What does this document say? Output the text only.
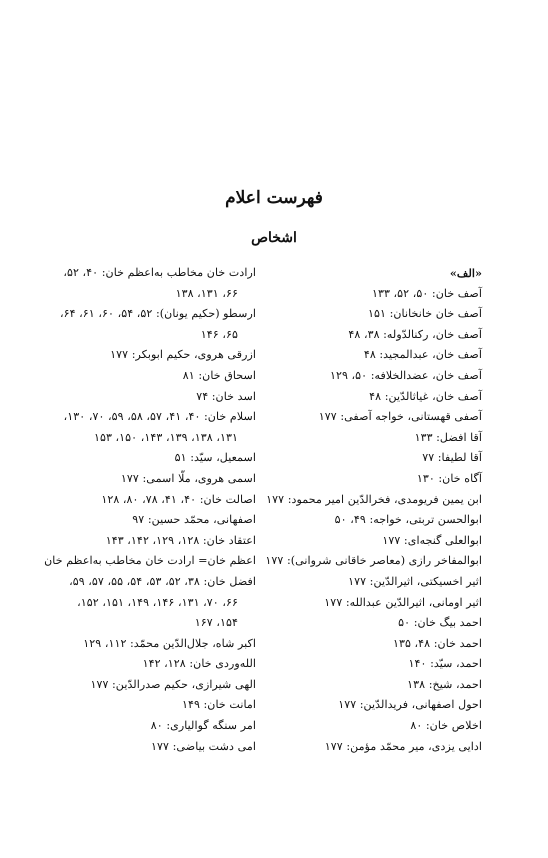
فهرست اعلام
اشخاص
«الف»
آصف خان: ۵۰، ۵۲، ۱۳۳
آصف خان خانخانان: ۱۵۱
آصف خان، رکنالدّوله: ۳۸، ۴۸
آصف خان، عبدالمجید: ۴۸
آصف خان، عضدالخلافه: ۵۰، ۱۲۹
آصف خان، غیاثالدّین: ۴۸
آصفی قهستانی، خواجه آصفی: ۱۷۷
آقا افضل: ۱۳۳
آقا لطیفا: ۷۷
آگاه خان: ۱۳۰
ابن یمین فریومدی، فخرالدّین امیر محمود: ۱۷۷
ابوالحسن تربتی، خواجه: ۴۹، ۵۰
ابوالعلی گنجه‌ای: ۱۷۷
ابوالمفاخر رازی (معاصر خاقانی شروانی): ۱۷۷
اثیر اخسیکتی، اثیرالدّین: ۱۷۷
اثیر اومانی، اثیرالدّین عبدالله: ۱۷۷
احمد بیگ خان: ۵۰
احمد خان: ۴۸، ۱۳۵
احمد، سیّد: ۱۴۰
احمد، شیخ: ۱۳۸
احول اصفهانی، فریدالدّین: ۱۷۷
اخلاص خان: ۸۰
ادایی یزدی، میر محمّد مؤمن: ۱۷۷
ارادت خان مخاطب به‌اعظم خان: ۴۰، ۵۲،
۶۶، ۱۳۱، ۱۳۸
ارسطو (حکیم یونان): ۵۲، ۵۴، ۶۰، ۶۱، ۶۴،
۶۵، ۱۴۶
ازرقی هروی، حکیم ابوبکر: ۱۷۷
اسحاق خان: ۸۱
اسد خان: ۷۴
اسلام خان: ۴۰، ۴۱، ۵۷، ۵۸، ۵۹، ۷۰، ۱۳۰،
۱۳۱، ۱۳۸، ۱۳۹، ۱۴۳، ۱۵۰، ۱۵۳
اسمعیل، سیّد: ۵۱
اسمی هروی، ملّا اسمی: ۱۷۷
اصالت خان: ۴۰، ۴۱، ۷۸، ۸۰، ۱۲۸
اصفهانی، محمّد حسین: ۹۷
اعتقاد خان: ۱۲۸، ۱۲۹، ۱۴۲، ۱۴۳
اعظم خان= ارادت خان مخاطب به‌اعظم خان
افضل خان: ۳۸، ۵۲، ۵۳، ۵۴، ۵۵، ۵۷، ۵۹،
۶۶، ۷۰، ۱۳۱، ۱۴۶، ۱۴۹، ۱۵۱، ۱۵۲،
۱۵۴، ۱۶۷
اکبر شاه، جلال‌الدّین محمّد: ۱۱۲، ۱۲۹
الله‌وردی خان: ۱۲۸، ۱۴۲
الهی شیرازی، حکیم صدرالدّین: ۱۷۷
امانت خان: ۱۴۹
امر سنگه گوالیاری: ۸۰
امی دشت بیاضی: ۱۷۷
